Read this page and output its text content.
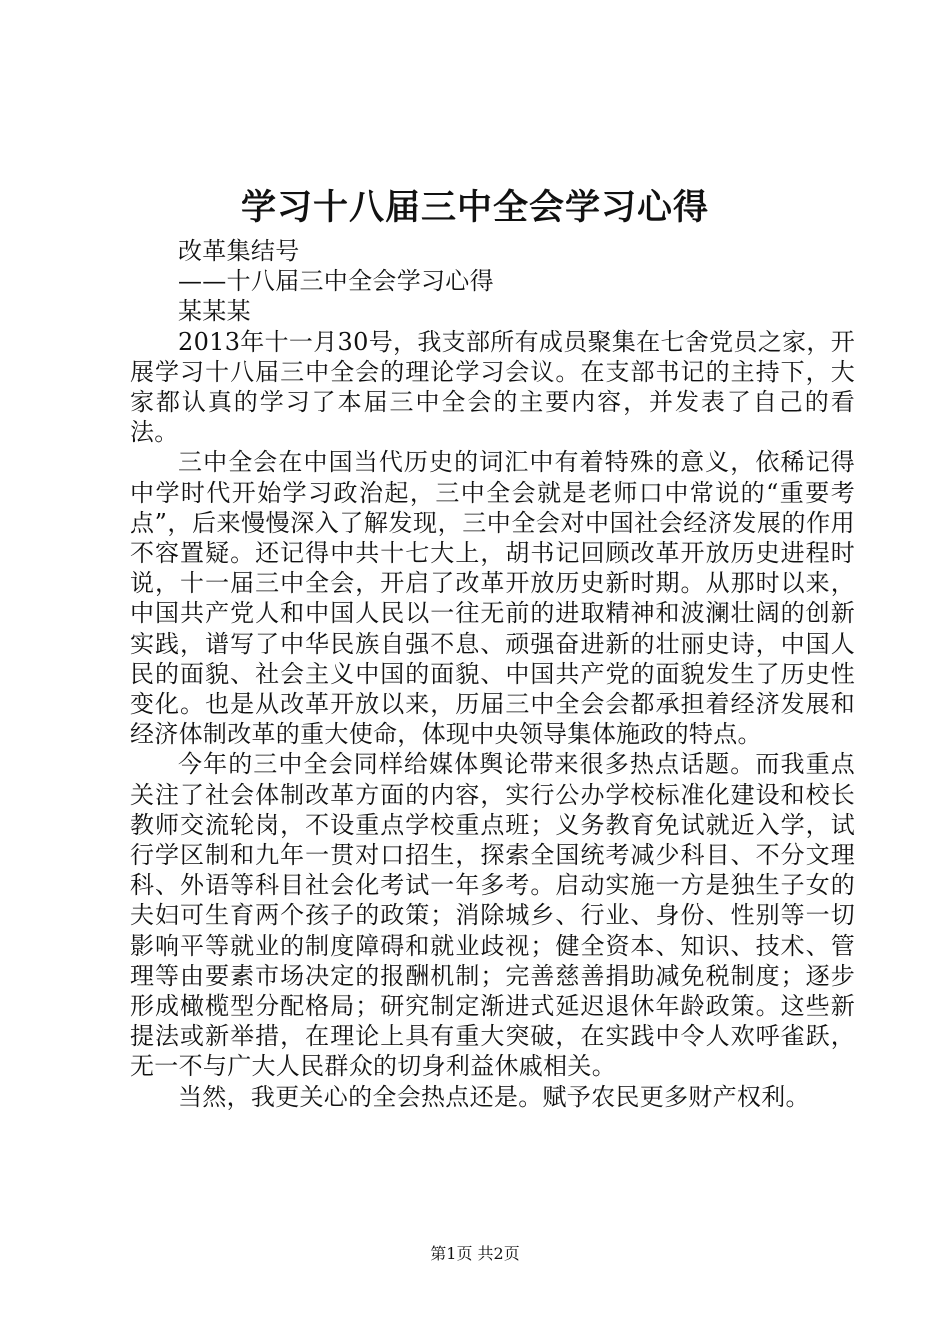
学习十八届三中全会学习心得

改革集结号

——十八届三中全会学习心得

某某某

2013年十一月30号，我支部所有成员聚集在七舍党员之家，开展学习十八届三中全会的理论学习会议。在支部书记的主持下，大家都认真的学习了本届三中全会的主要内容，并发表了自己的看法。

三中全会在中国当代历史的词汇中有着特殊的意义，依稀记得中学时代开始学习政治起，三中全会就是老师口中常说的“重要考点”，后来慢慢深入了解发现，三中全会对中国社会经济发展的作用不容置疑。还记得中共十七大上，胡书记回顾改革开放历史进程时说，十一届三中全会，开启了改革开放历史新时期。从那时以来，中国共产党人和中国人民以一往无前的进取精神和波澜壮阔的创新实践，谱写了中华民族自强不息、顽强奋进新的壮丽史诗，中国人民的面貌、社会主义中国的面貌、中国共产党的面貌发生了历史性变化。也是从改革开放以来，历届三中全会会都承担着经济发展和经济体制改革的重大使命，体现中央领导集体施政的特点。

今年的三中全会同样给媒体舆论带来很多热点话题。而我重点关注了社会体制改革方面的内容，实行公办学校标准化建设和校长教师交流轮岗，不设重点学校重点班；义务教育免试就近入学，试行学区制和九年一贯对口招生，探索全国统考减少科目、不分文理科、外语等科目社会化考试一年多考。启动实施一方是独生子女的夫妇可生育两个孩子的政策；消除城乡、行业、身份、性别等一切影响平等就业的制度障碍和就业歧视；健全资本、知识、技术、管理等由要素市场决定的报酬机制；完善慈善捐助减免税制度；逐步形成橄榄型分配格局；研究制定渐进式延迟退休年龄政策。这些新提法或新举措，在理论上具有重大突破，在实践中令人欢呼雀跃，无一不与广大人民群众的切身利益休戚相关。

当然，我更关心的全会热点还是。赋予农民更多财产权利。

第1页 共2页
